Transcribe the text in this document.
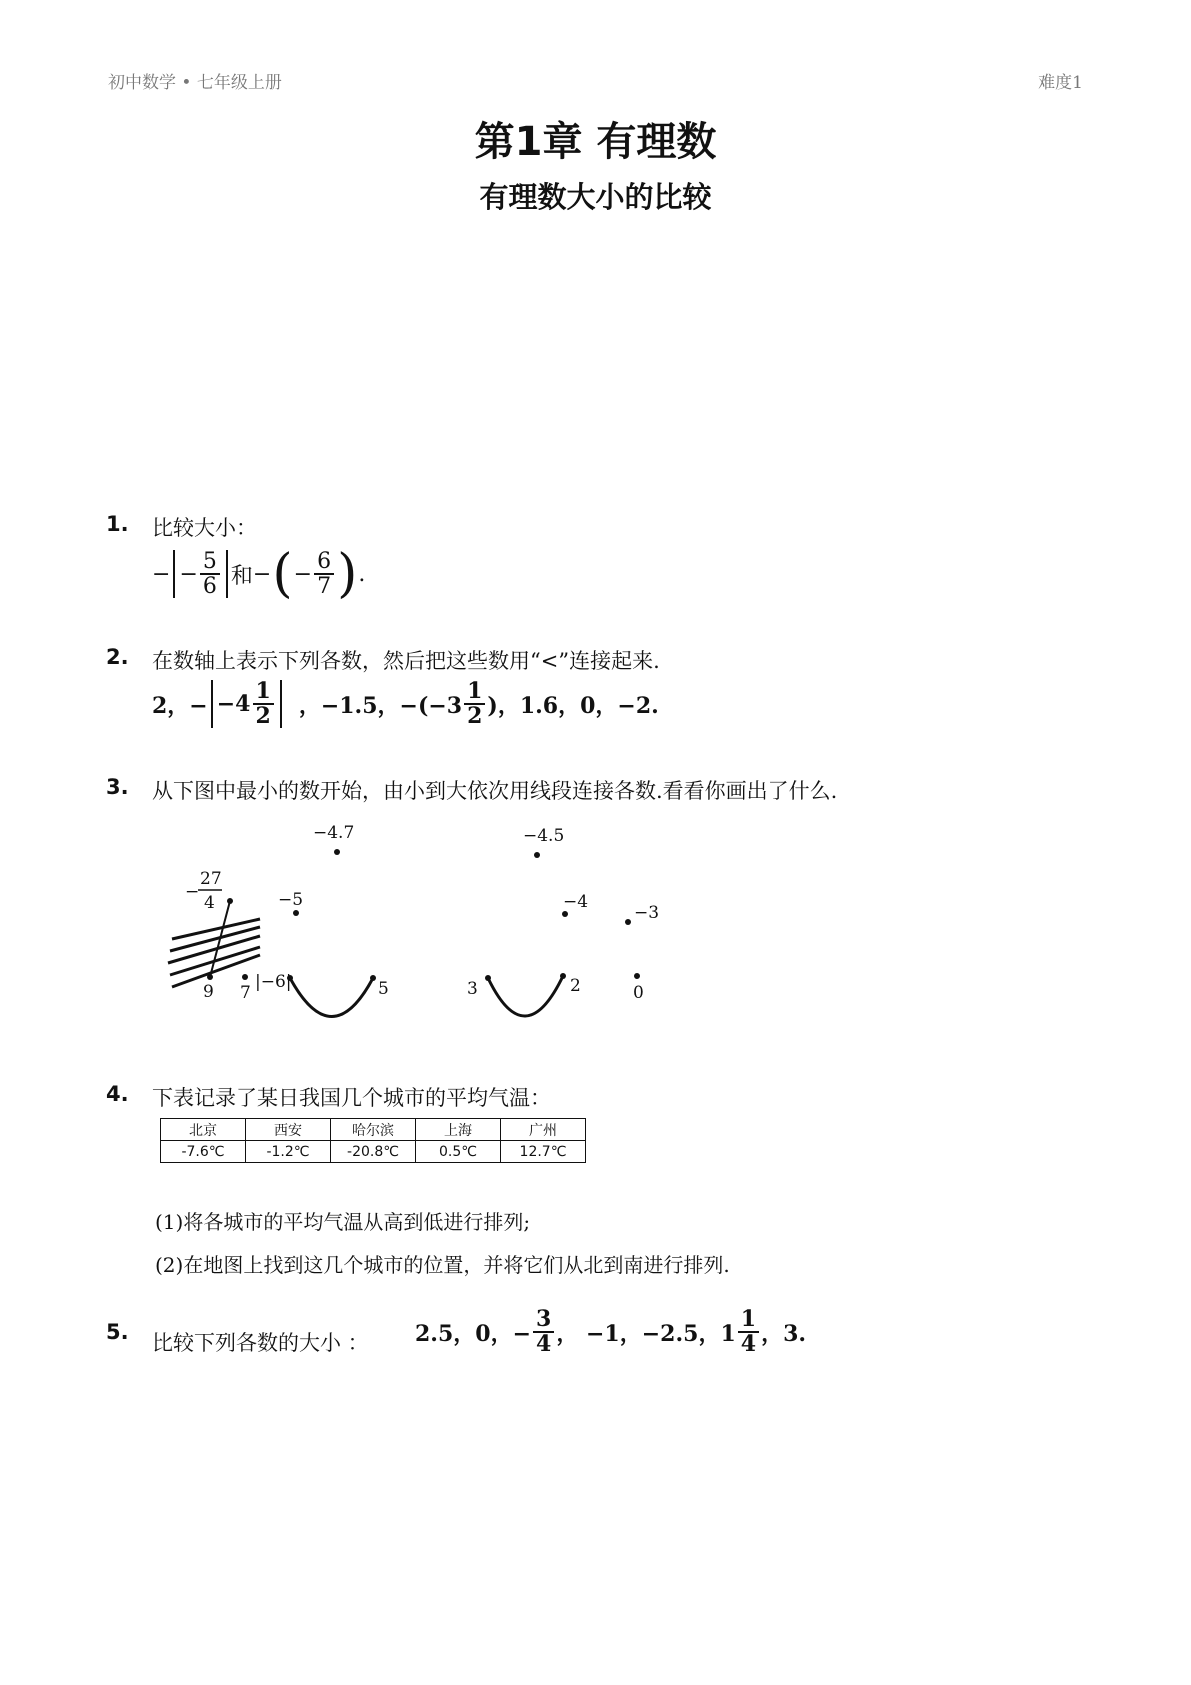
初中数学 • 七年级上册	难度1
第1章 有理数
有理数大小的比较
1. 比较大小：
− − $\frac{5}{6}$ 和 − ( − $\frac{6}{7}$ ) .
2. 在数轴上表示下列各数，然后把这些数用“<”连接起来.
2，− $-4 \frac{1}{2}$ ，−1.5，$-(-3 \frac{1}{2}$ )，1.6，0，−2.
3. 从下图中最小的数开始，由小到大依次用线段连接各数.看看你画出了什么.
−4.7	−4.5
−5	−4
−3
−
27
4
9 7
|−6|	5	3	2	0
4. 下表记录了某日我国几个城市的平均气温：
北京	西安	哈尔滨	上海	广州
-7.6℃	-1.2℃	-20.8℃	0.5℃	12.7℃
(1)将各城市的平均气温从高到低进行排列;
(2)在地图上找到这几个城市的位置，并将它们从北到南进行排列.
5. 比较下列各数的大小 ： 2.5，0，− $\frac{3}{4}$ ， −1，−2.5，$1 \frac{1}{4}$ ，3.
